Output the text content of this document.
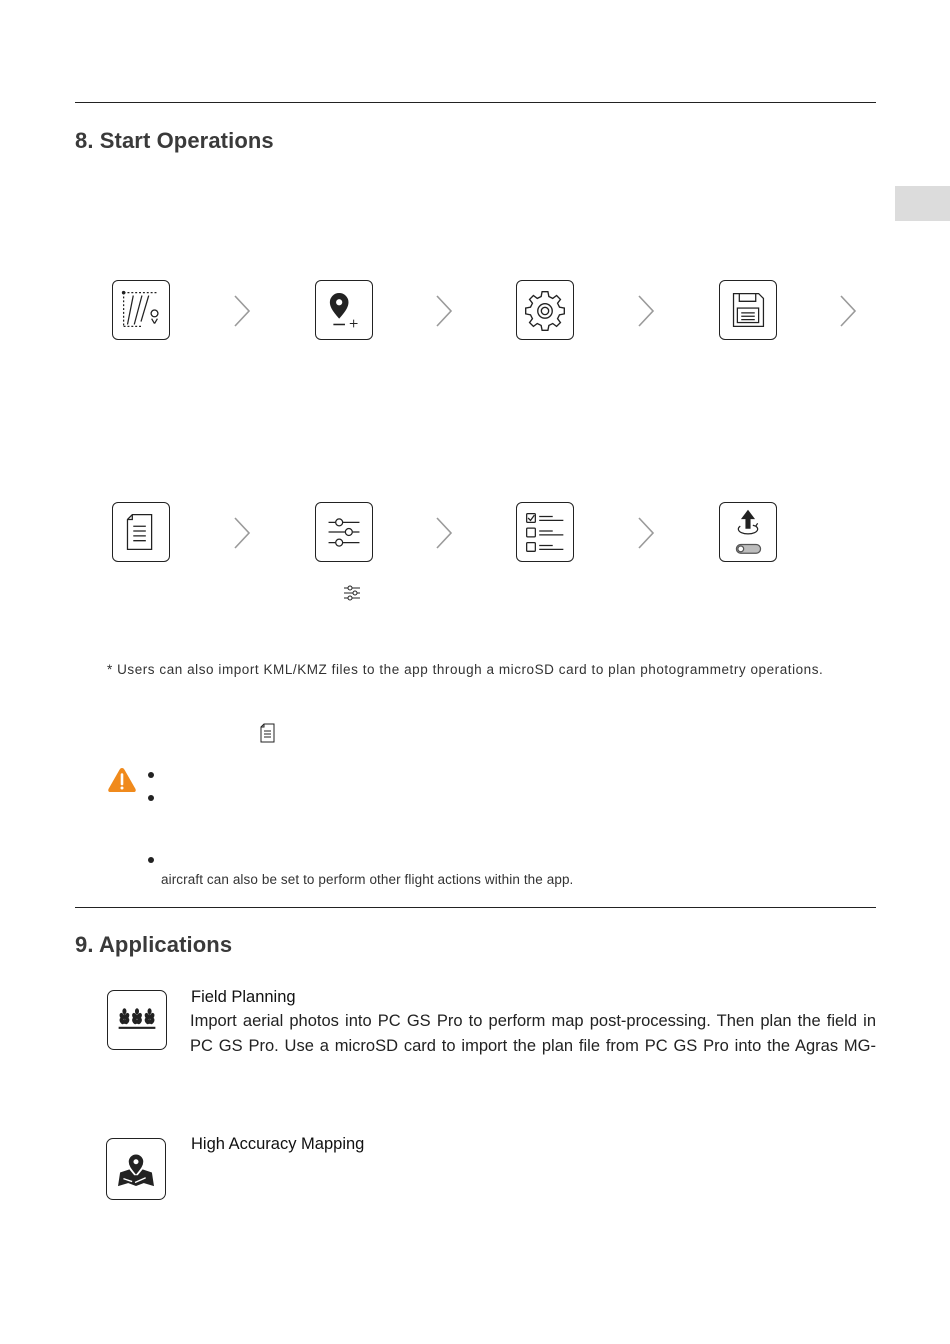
8. Start Operations

* Users can also import KML/KMZ files to the app through a microSD card to plan photogrammetry operations.

aircraft can also be set to perform other flight actions within the app.

9. Applications

Field Planning

Import aerial photos into PC GS Pro to perform map post-processing. Then plan the field in

PC GS Pro. Use a microSD card to import the plan file from PC GS Pro into the Agras MG-

High Accuracy Mapping
